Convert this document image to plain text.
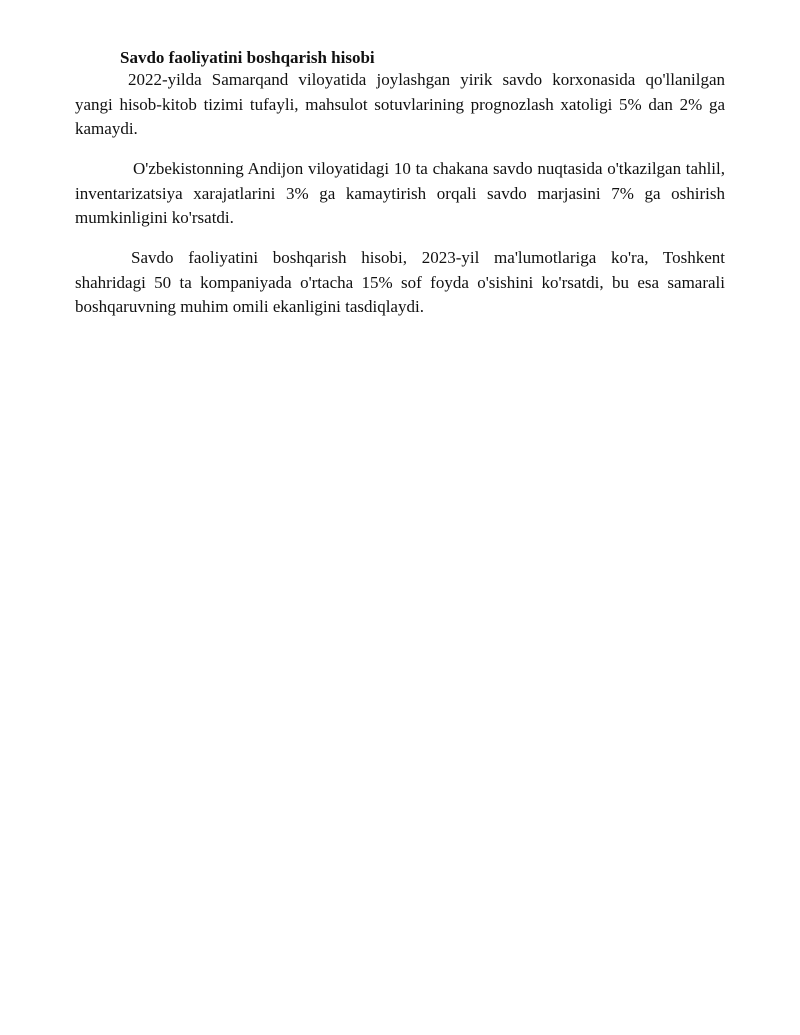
Savdo faoliyatini boshqarish hisobi

2022-yilda Samarqand viloyatida joylashgan yirik savdo korxonasida qo'llanilgan yangi hisob-kitob tizimi tufayli, mahsulot sotuvlarining prognozlash xatoligi 5% dan 2% ga kamaydi.

O'zbekistonning Andijon viloyatidagi 10 ta chakana savdo nuqtasida o'tkazilgan tahlil, inventarizatsiya xarajatlarini 3% ga kamaytirish orqali savdo marjasini 7% ga oshirish mumkinligini ko'rsatdi.

Savdo faoliyatini boshqarish hisobi, 2023-yil ma'lumotlariga ko'ra, Toshkent shahridagi 50 ta kompaniyada o'rtacha 15% sof foyda o'sishini ko'rsatdi, bu esa samarali boshqaruvning muhim omili ekanligini tasdiqlaydi.
